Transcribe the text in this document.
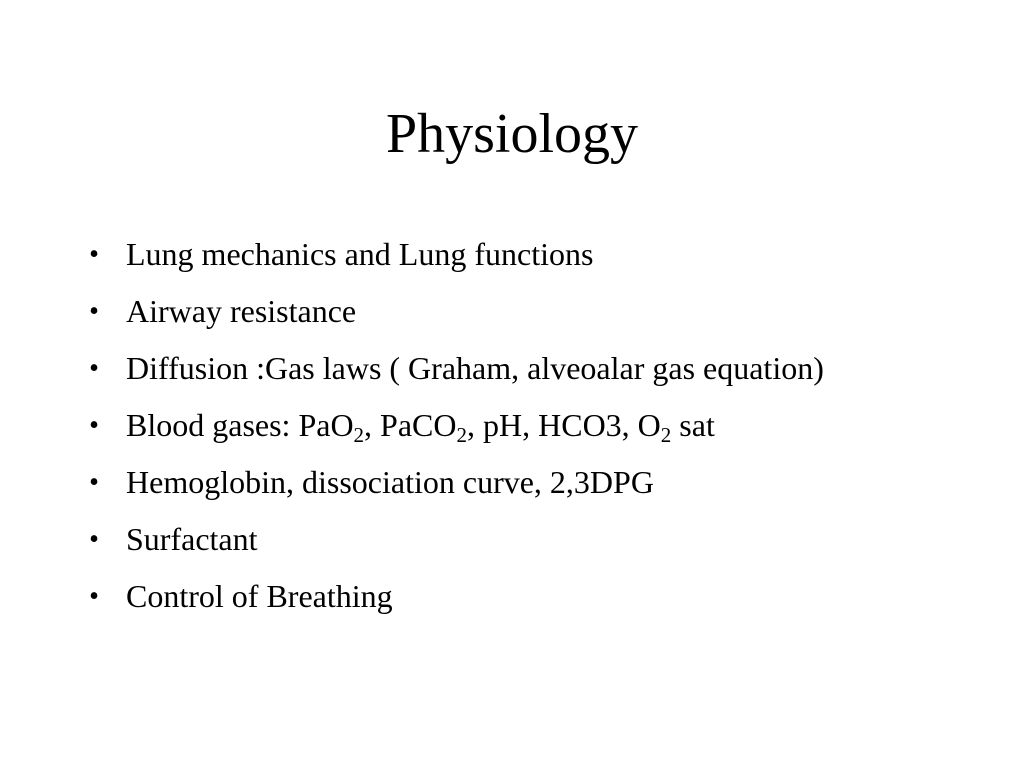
Physiology
• Lung mechanics and Lung functions
• Airway resistance
• Diffusion :Gas laws ( Graham, alveoalar gas equation)
• Blood gases: PaO$_2$, PaCO$_2$, pH, HCO3, $O_2$ sat
• Hemoglobin, dissociation curve, 2,3DPG
• Surfactant
• Control of Breathing
